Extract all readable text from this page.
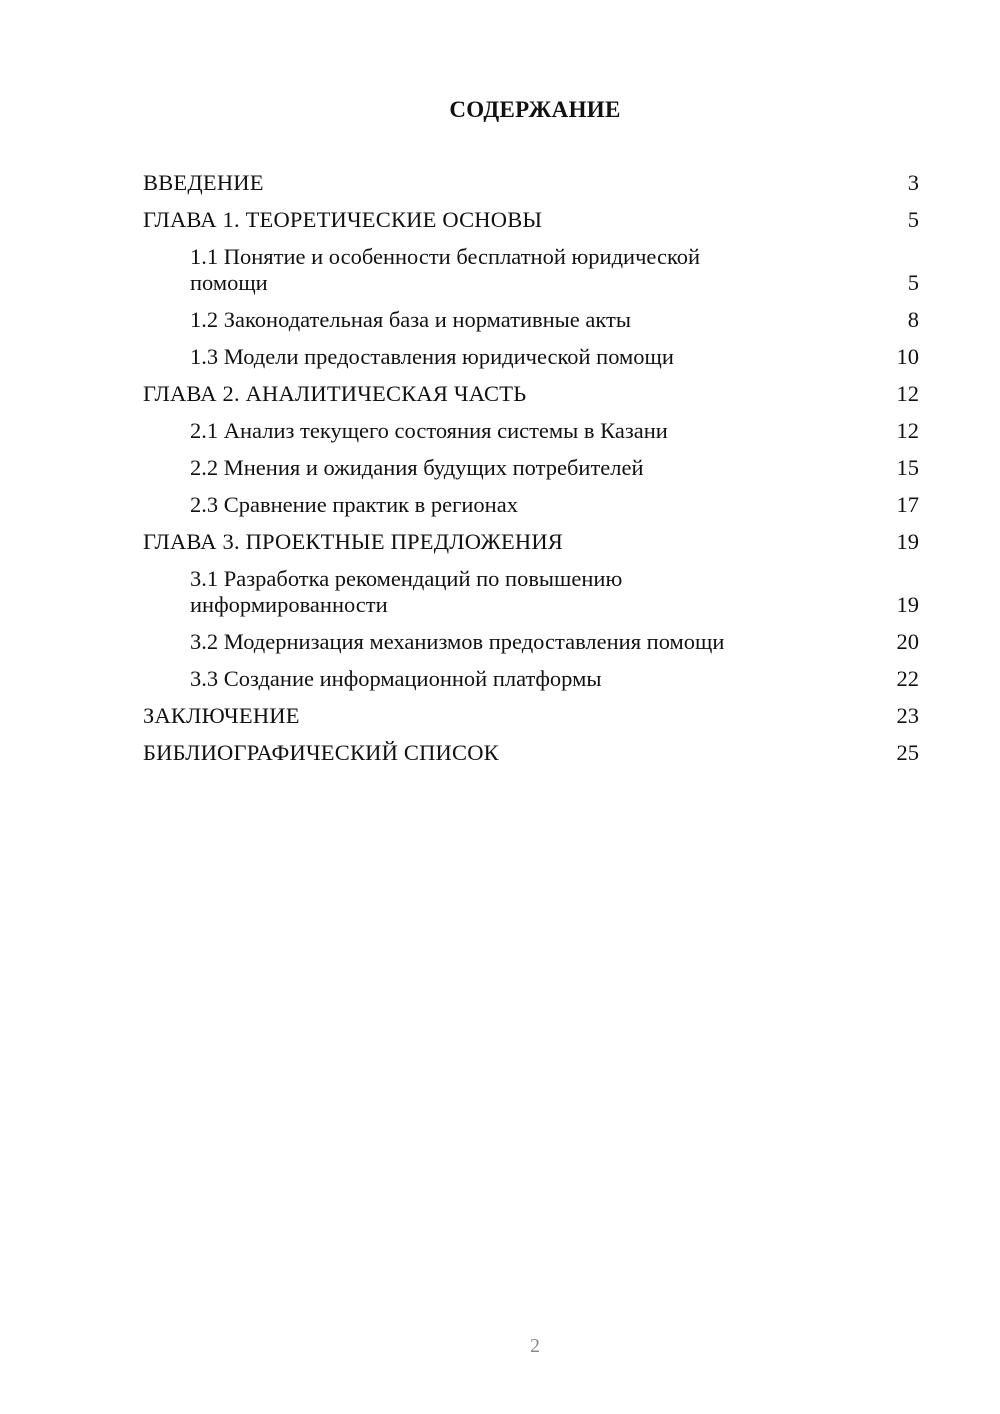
СОДЕРЖАНИЕ
ВВЕДЕНИЕ	3
ГЛАВА 1. ТЕОРЕТИЧЕСКИЕ ОСНОВЫ	5
1.1 Понятие и особенности бесплатной юридической
помощи	5
1.2 Законодательная база и нормативные акты	8
1.3 Модели предоставления юридической помощи	10
ГЛАВА 2. АНАЛИТИЧЕСКАЯ ЧАСТЬ	12
2.1 Анализ текущего состояния системы в Казани	12
2.2 Мнения и ожидания будущих потребителей	15
2.3 Сравнение практик в регионах	17
ГЛАВА 3. ПРОЕКТНЫЕ ПРЕДЛОЖЕНИЯ	19
3.1 Разработка рекомендаций по повышению
информированности	19
3.2 Модернизация механизмов предоставления помощи	20
3.3 Создание информационной платформы	22
ЗАКЛЮЧЕНИЕ	23
БИБЛИОГРАФИЧЕСКИЙ СПИСОК	25
2
